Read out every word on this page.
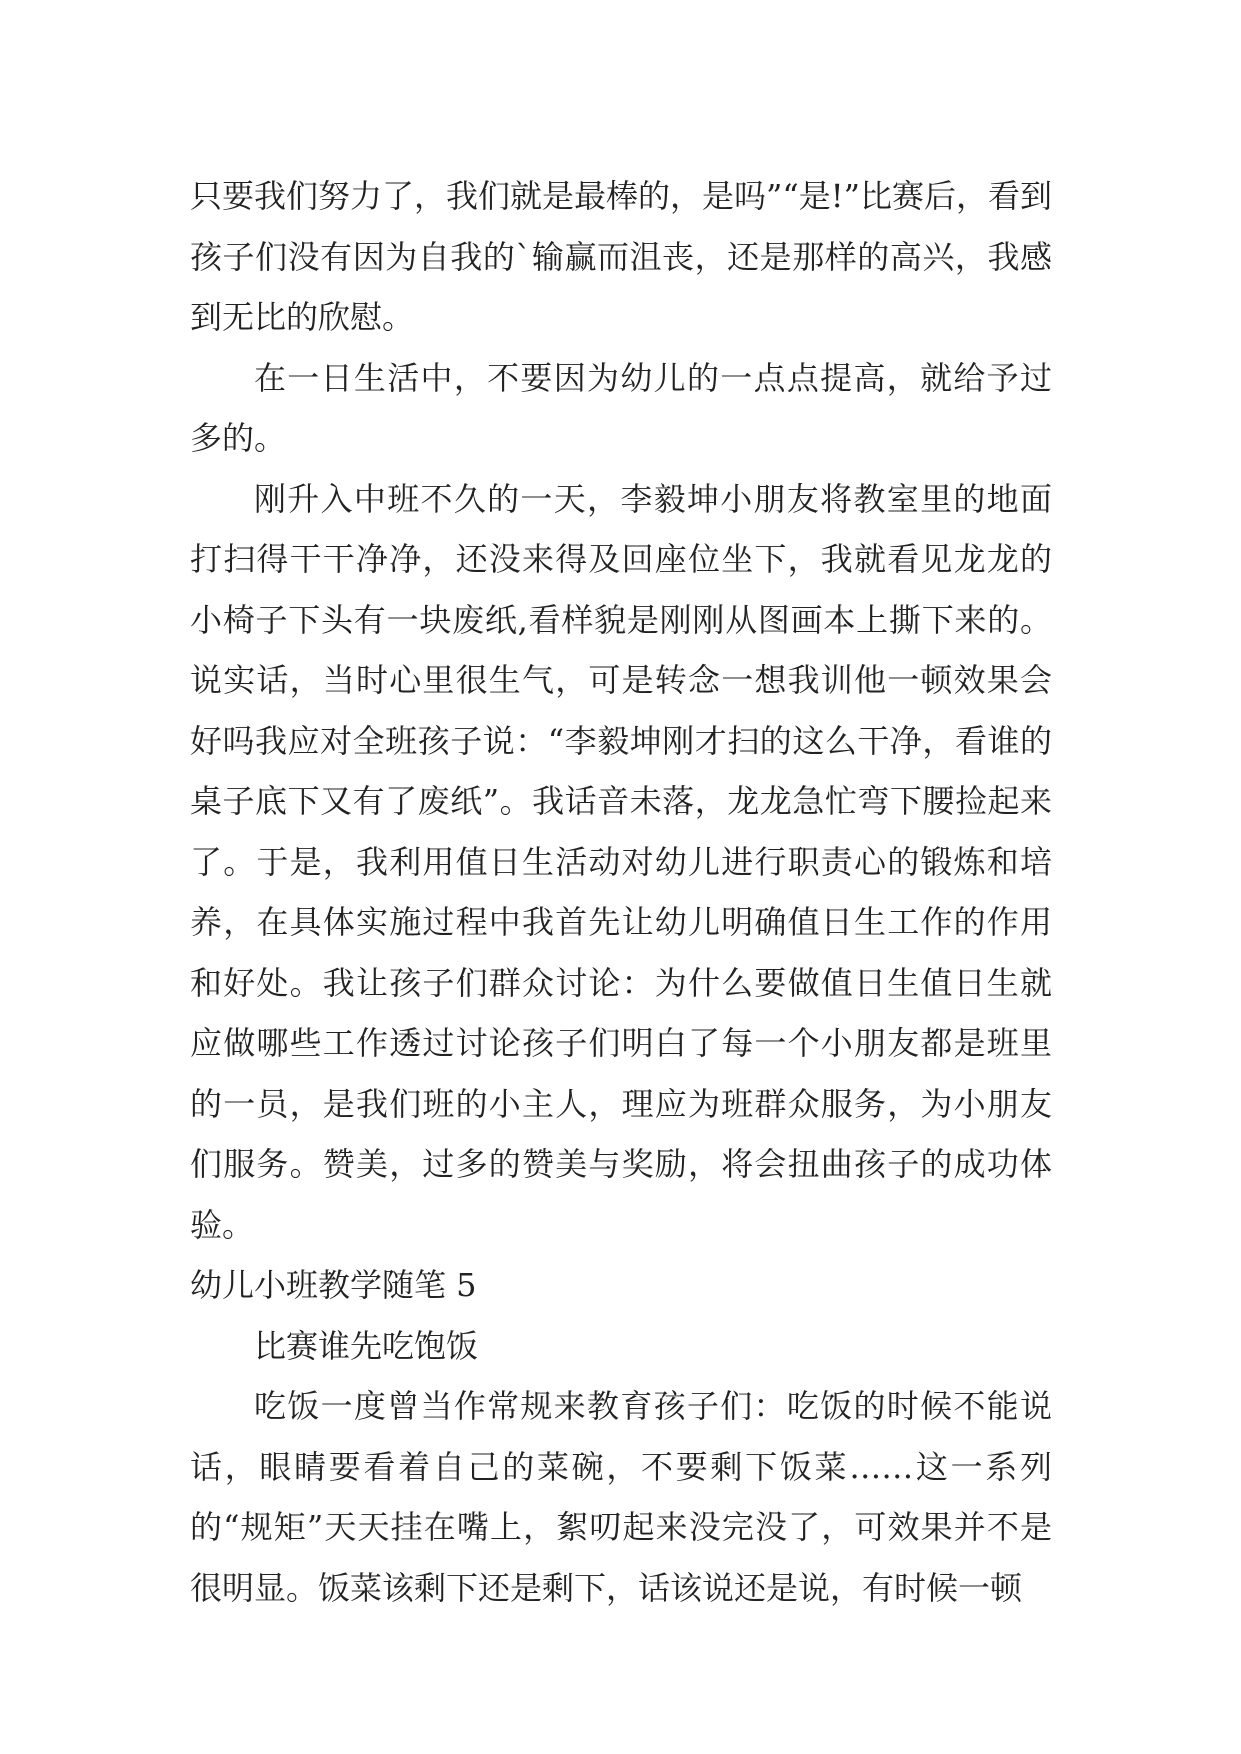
只要我们努力了，我们就是最棒的，是吗”“是!”比赛后，看到孩子们没有因为自我的`输赢而沮丧，还是那样的高兴，我感到无比的欣慰。

在一日生活中，不要因为幼儿的一点点提高，就给予过多的。

刚升入中班不久的一天，李毅坤小朋友将教室里的地面打扫得干干净净，还没来得及回座位坐下，我就看见龙龙的小椅子下头有一块废纸,看样貌是刚刚从图画本上撕下来的。说实话，当时心里很生气，可是转念一想我训他一顿效果会好吗我应对全班孩子说：“李毅坤刚才扫的这么干净，看谁的桌子底下又有了废纸”。我话音未落，龙龙急忙弯下腰捡起来了。于是，我利用值日生活动对幼儿进行职责心的锻炼和培养，在具体实施过程中我首先让幼儿明确值日生工作的作用和好处。我让孩子们群众讨论：为什么要做值日生值日生就应做哪些工作透过讨论孩子们明白了每一个小朋友都是班里的一员，是我们班的小主人，理应为班群众服务，为小朋友们服务。赞美，过多的赞美与奖励，将会扭曲孩子的成功体验。

幼儿小班教学随笔 5

比赛谁先吃饱饭

吃饭一度曾当作常规来教育孩子们：吃饭的时候不能说话，眼睛要看着自己的菜碗，不要剩下饭菜……这一系列的“规矩”天天挂在嘴上，絮叨起来没完没了，可效果并不是很明显。饭菜该剩下还是剩下，话该说还是说，有时候一顿
